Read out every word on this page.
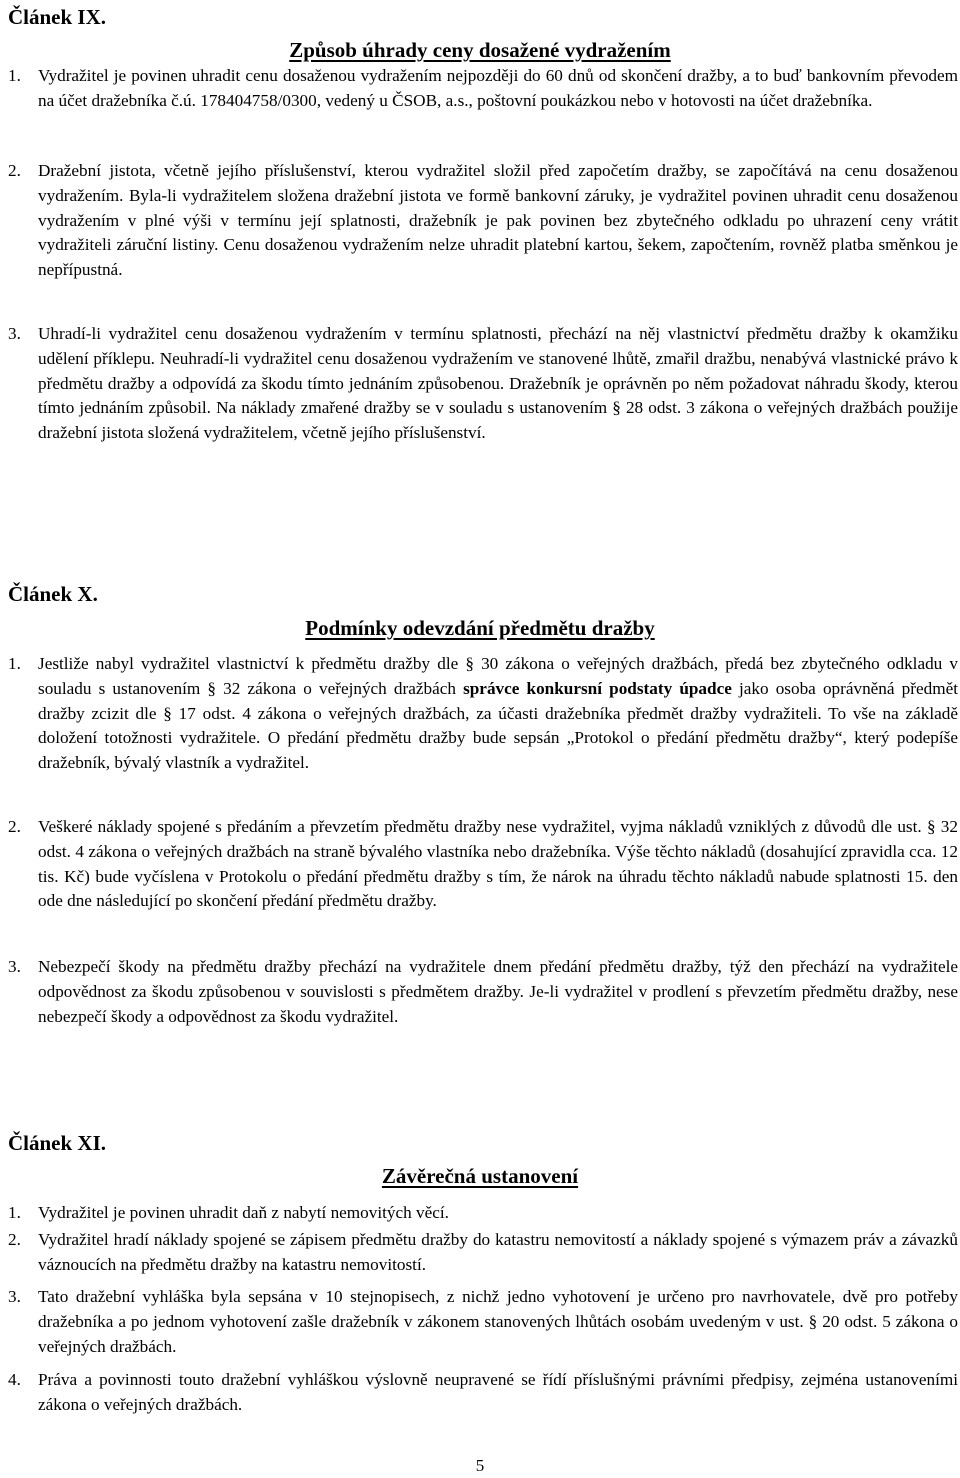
Článek IX.
Způsob úhrady ceny dosažené vydražením
1. Vydražitel je povinen uhradit cenu dosaženou vydražením nejpozději do 60 dnů od skončení dražby, a to buď bankovním převodem na účet dražebníka č.ú. 178404758/0300, vedený u ČSOB, a.s., poštovní poukázkou nebo v hotovosti na účet dražebníka.
2. Dražební jistota, včetně jejího příslušenství, kterou vydražitel složil před započetím dražby, se započítává na cenu dosaženou vydražením. Byla-li vydražitelem složena dražební jistota ve formě bankovní záruky, je vydražitel povinen uhradit cenu dosaženou vydražením v plné výši v termínu její splatnosti, dražebník je pak povinen bez zbytečného odkladu po uhrazení ceny vrátit vydražiteli záruční listiny. Cenu dosaženou vydražením nelze uhradit platební kartou, šekem, započtením, rovněž platba směnkou je nepřípustná.
3. Uhradí-li vydražitel cenu dosaženou vydražením v termínu splatnosti, přechází na něj vlastnictví předmětu dražby k okamžiku udělení příklepu. Neuhradí-li vydražitel cenu dosaženou vydražením ve stanovené lhůtě, zmařil dražbu, nenabývá vlastnické právo k předmětu dražby a odpovídá za škodu tímto jednáním způsobenou. Dražebník je oprávněn po něm požadovat náhradu škody, kterou tímto jednáním způsobil. Na náklady zmařené dražby se v souladu s ustanovením § 28 odst. 3 zákona o veřejných dražbách použije dražební jistota složená vydražitelem, včetně jejího příslušenství.
Článek X.
Podmínky odevzdání předmětu dražby
1. Jestliže nabyl vydražitel vlastnictví k předmětu dražby dle § 30 zákona o veřejných dražbách, předá bez zbytečného odkladu v souladu s ustanovením § 32 zákona o veřejných dražbách správce konkursní podstaty úpadce jako osoba oprávněná předmět dražby zcizit dle § 17 odst. 4 zákona o veřejných dražbách, za účasti dražebníka předmět dražby vydražiteli. To vše na základě doložení totožnosti vydražitele. O předání předmětu dražby bude sepsán „Protokol o předání předmětu dražby“, který podepíše dražebník, bývalý vlastník a vydražitel.
2. Veškeré náklady spojené s předáním a převzetím předmětu dražby nese vydražitel, vyjma nákladů vzniklých z důvodů dle ust. § 32 odst. 4 zákona o veřejných dražbách na straně bývalého vlastníka nebo dražebníka. Výše těchto nákladů (dosahující zpravidla cca. 12 tis. Kč) bude vyčíslena v Protokolu o předání předmětu dražby s tím, že nárok na úhradu těchto nákladů nabude splatnosti 15. den ode dne následující po skončení předání předmětu dražby.
3. Nebezpečí škody na předmětu dražby přechází na vydražitele dnem předání předmětu dražby, týž den přechází na vydražitele odpovědnost za škodu způsobenou v souvislosti s předmětem dražby. Je-li vydražitel v prodlení s převzetím předmětu dražby, nese nebezpečí škody a odpovědnost za škodu vydražitel.
Článek XI.
Závěrečná ustanovení
1. Vydražitel je povinen uhradit daň z nabytí nemovitých věcí.
2. Vydražitel hradí náklady spojené se zápisem předmětu dražby do katastru nemovitostí a náklady spojené s výmazem práv a závazků váznoucích na předmětu dražby na katastru nemovitostí.
3. Tato dražební vyhláška byla sepsána v 10 stejnopisech, z nichž jedno vyhotovení je určeno pro navrhovatele, dvě pro potřeby dražebníka a po jednom vyhotovení zašle dražebník v zákonem stanovených lhůtách osobám uvedeným v ust. § 20 odst. 5 zákona o veřejných dražbách.
4. Práva a povinnosti touto dražební vyhláškou výslovně neupravené se řídí příslušnými právními předpisy, zejména ustanoveními zákona o veřejných dražbách.
5
